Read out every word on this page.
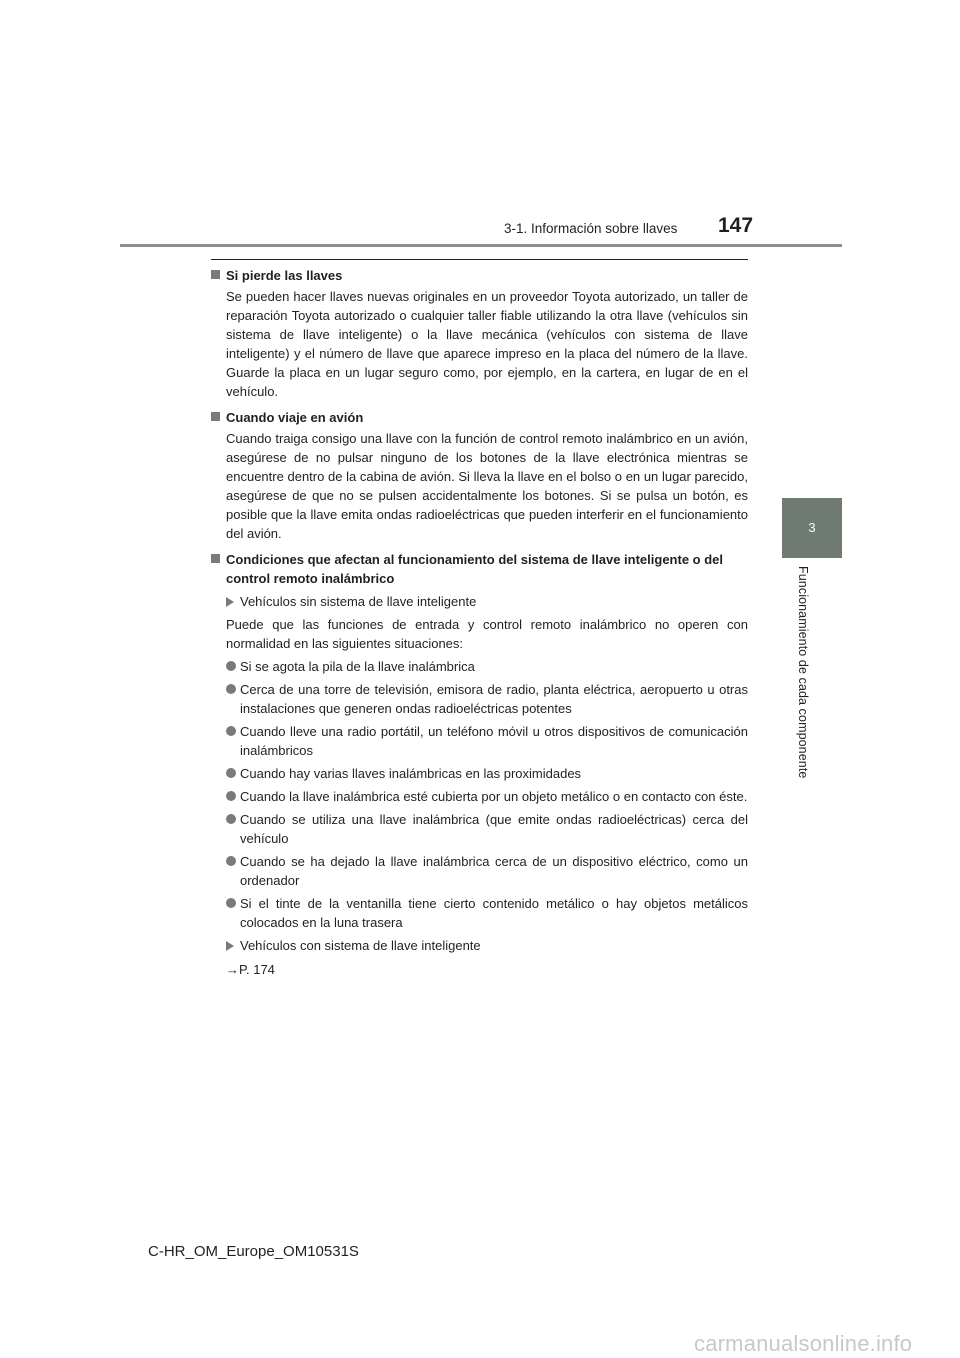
3-1. Información sobre llaves 147
3
Funcionamiento de cada componente

Si pierde las llaves

Se pueden hacer llaves nuevas originales en un proveedor Toyota autorizado, un taller de reparación Toyota autorizado o cualquier taller fiable utilizando la otra llave (vehículos sin sistema de llave inteligente) o la llave mecánica (vehículos con sistema de llave inteligente) y el número de llave que aparece impreso en la placa del número de la llave. Guarde la placa en un lugar seguro como, por ejemplo, en la cartera, en lugar de en el vehículo.

Cuando viaje en avión

Cuando traiga consigo una llave con la función de control remoto inalámbrico en un avión, asegúrese de no pulsar ninguno de los botones de la llave electrónica mientras se encuentre dentro de la cabina de avión. Si lleva la llave en el bolso o en un lugar parecido, asegúrese de que no se pulsen accidentalmente los botones. Si se pulsa un botón, es posible que la llave emita ondas radioeléctricas que pueden interferir en el funcionamiento del avión.

Condiciones que afectan al funcionamiento del sistema de llave inteligente o del control remoto inalámbrico

Vehículos sin sistema de llave inteligente

Puede que las funciones de entrada y control remoto inalámbrico no operen con normalidad en las siguientes situaciones:

Si se agota la pila de la llave inalámbrica
Cerca de una torre de televisión, emisora de radio, planta eléctrica, aeropuerto u otras instalaciones que generen ondas radioeléctricas potentes
Cuando lleve una radio portátil, un teléfono móvil u otros dispositivos de comunicación inalámbricos
Cuando hay varias llaves inalámbricas en las proximidades
Cuando la llave inalámbrica esté cubierta por un objeto metálico o en contacto con éste.
Cuando se utiliza una llave inalámbrica (que emite ondas radioeléctricas) cerca del vehículo
Cuando se ha dejado la llave inalámbrica cerca de un dispositivo eléctrico, como un ordenador
Si el tinte de la ventanilla tiene cierto contenido metálico o hay objetos metálicos colocados en la luna trasera
Vehículos con sistema de llave inteligente

→P. 174

C-HR_OM_Europe_OM10531S
carmanualsonline.info
